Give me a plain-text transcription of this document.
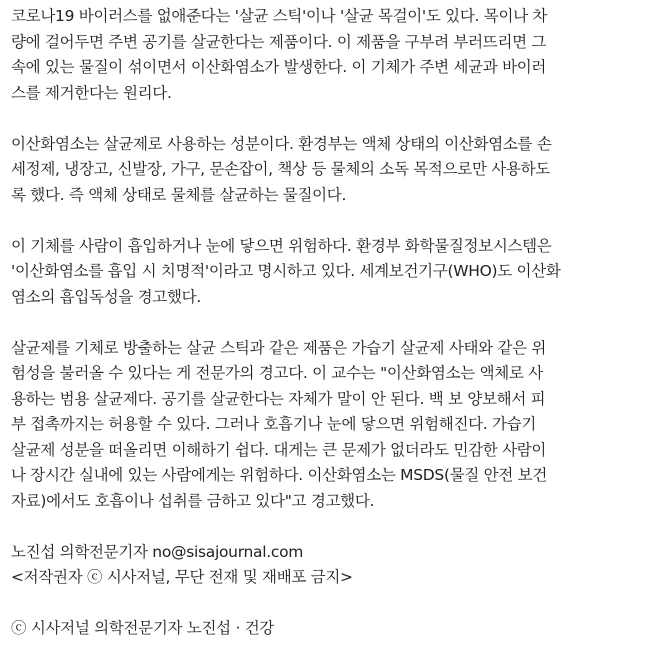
코로나19 바이러스를 없애준다는 '살균 스틱'이나 '살균 목걸이'도 있다. 목이나 차
량에 걸어두면 주변 공기를 살균한다는 제품이다. 이 제품을 구부려 부러뜨리면 그
속에 있는 물질이 섞이면서 이산화염소가 발생한다. 이 기체가 주변 세균과 바이러
스를 제거한다는 원리다.
이산화염소는 살균제로 사용하는 성분이다. 환경부는 액체 상태의 이산화염소를 손
세정제, 냉장고, 신발장, 가구, 문손잡이, 책상 등 물체의 소독 목적으로만 사용하도
록 했다. 즉 액체 상태로 물체를 살균하는 물질이다.
이 기체를 사람이 흡입하거나 눈에 닿으면 위험하다. 환경부 화학물질정보시스템은
'이산화염소를 흡입 시 치명적'이라고 명시하고 있다. 세계보건기구(WHO)도 이산화
염소의 흡입독성을 경고했다.
살균제를 기체로 방출하는 살균 스틱과 같은 제품은 가습기 살균제 사태와 같은 위
험성을 불러올 수 있다는 게 전문가의 경고다. 이 교수는 "이산화염소는 액체로 사
용하는 범용 살균제다. 공기를 살균한다는 자체가 말이 안 된다. 백 보 양보해서 피
부 접촉까지는 허용할 수 있다. 그러나 호흡기나 눈에 닿으면 위험해진다. 가습기
살균제 성분을 떠올리면 이해하기 쉽다. 대게는 큰 문제가 없더라도 민감한 사람이
나 장시간 실내에 있는 사람에게는 위험하다. 이산화염소는 MSDS(물질 안전 보건
자료)에서도 호흡이나 섭취를 금하고 있다"고 경고했다.
노진섭 의학전문기자 no@sisajournal.com
<저작권자 ⓒ 시사저널, 무단 전재 및 재배포 금지>
ⓒ 시사저널 의학전문기자 노진섭 · 건강
